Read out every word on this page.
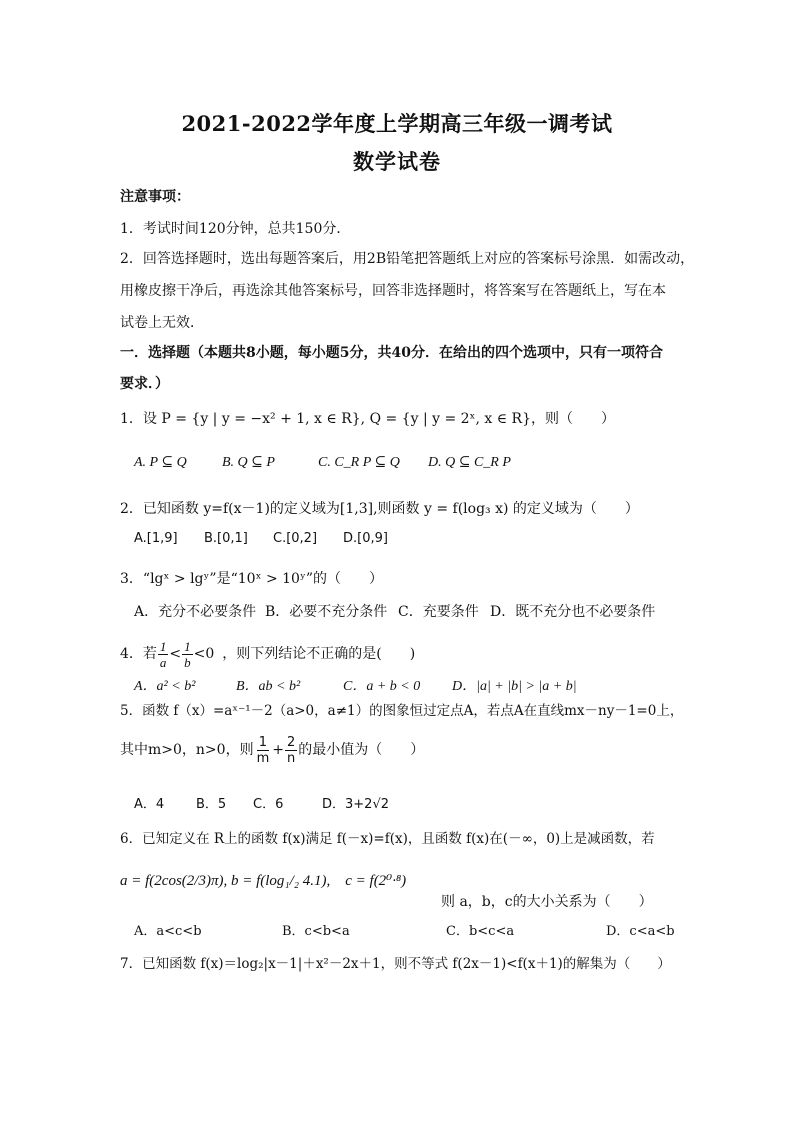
2021-2022学年度上学期高三年级一调考试
数学试卷
注意事项：
1．考试时间120分钟，总共150分．
2．回答选择题时，选出每题答案后，用2B铅笔把答题纸上对应的答案标号涂黑．如需改动，
用橡皮擦干净后，再选涂其他答案标号，回答非选择题时，将答案写在答题纸上，写在本
试卷上无效．
一．选择题（本题共8小题，每小题5分，共40分．在给出的四个选项中，只有一项符合
要求．）
1．设 P = {y | y = −x² + 1, x ∈ R}, Q = {y | y = 2ˣ, x ∈ R}，则（　　）
A. P ⊆ Q	B. Q ⊆ P	C. C_R P ⊆ Q D. Q ⊆ C_R P
2．已知函数 y=f(x－1)的定义域为[1,3],则函数 y = f(log₃ x) 的定义域为（　　）
A.[1,9] B.[0,1] C.[0,2] D.[0,9]
3．“lgˣ > lgʸ”是“10ˣ > 10ʸ”的（　　）
A．充分不必要条件 B．必要不充分条件 C．充要条件 D．既不充分也不必要条件
4．若 $\frac{1}{a} < \frac{1}{b} <0$ ，则下列结论不正确的是(　　)
A．a² < b²	B．ab < b²	C．a + b < 0 D．|a| + |b| > |a + b|
5．函数 f（x）=aˣ⁻¹－2（a>0，a≠1）的图象恒过定点A，若点A在直线mx－ny－1=0上，
其中m>0，n>0，则 $\frac{1}{m} + \frac{2}{n}$ 的最小值为（　　）
A．4 B．5 C．6	D．3+2√2
6．已知定义在 R上的函数 f(x)满足 f(－x)=f(x)，且函数 f(x)在(－∞，0)上是减函数，若
a = f(2cos(2/3)π), b = f(log₁/₂ 4.1),　c = f(2⁰·⁸)
则 a，b，c的大小关系为（　　）
A．a<c<b	B．c<b<a	C．b<c<a	D．c<a<b
7．已知函数 f(x)＝log₂|x－1|＋x²－2x＋1，则不等式 f(2x－1)<f(x＋1)的解集为（　　）
